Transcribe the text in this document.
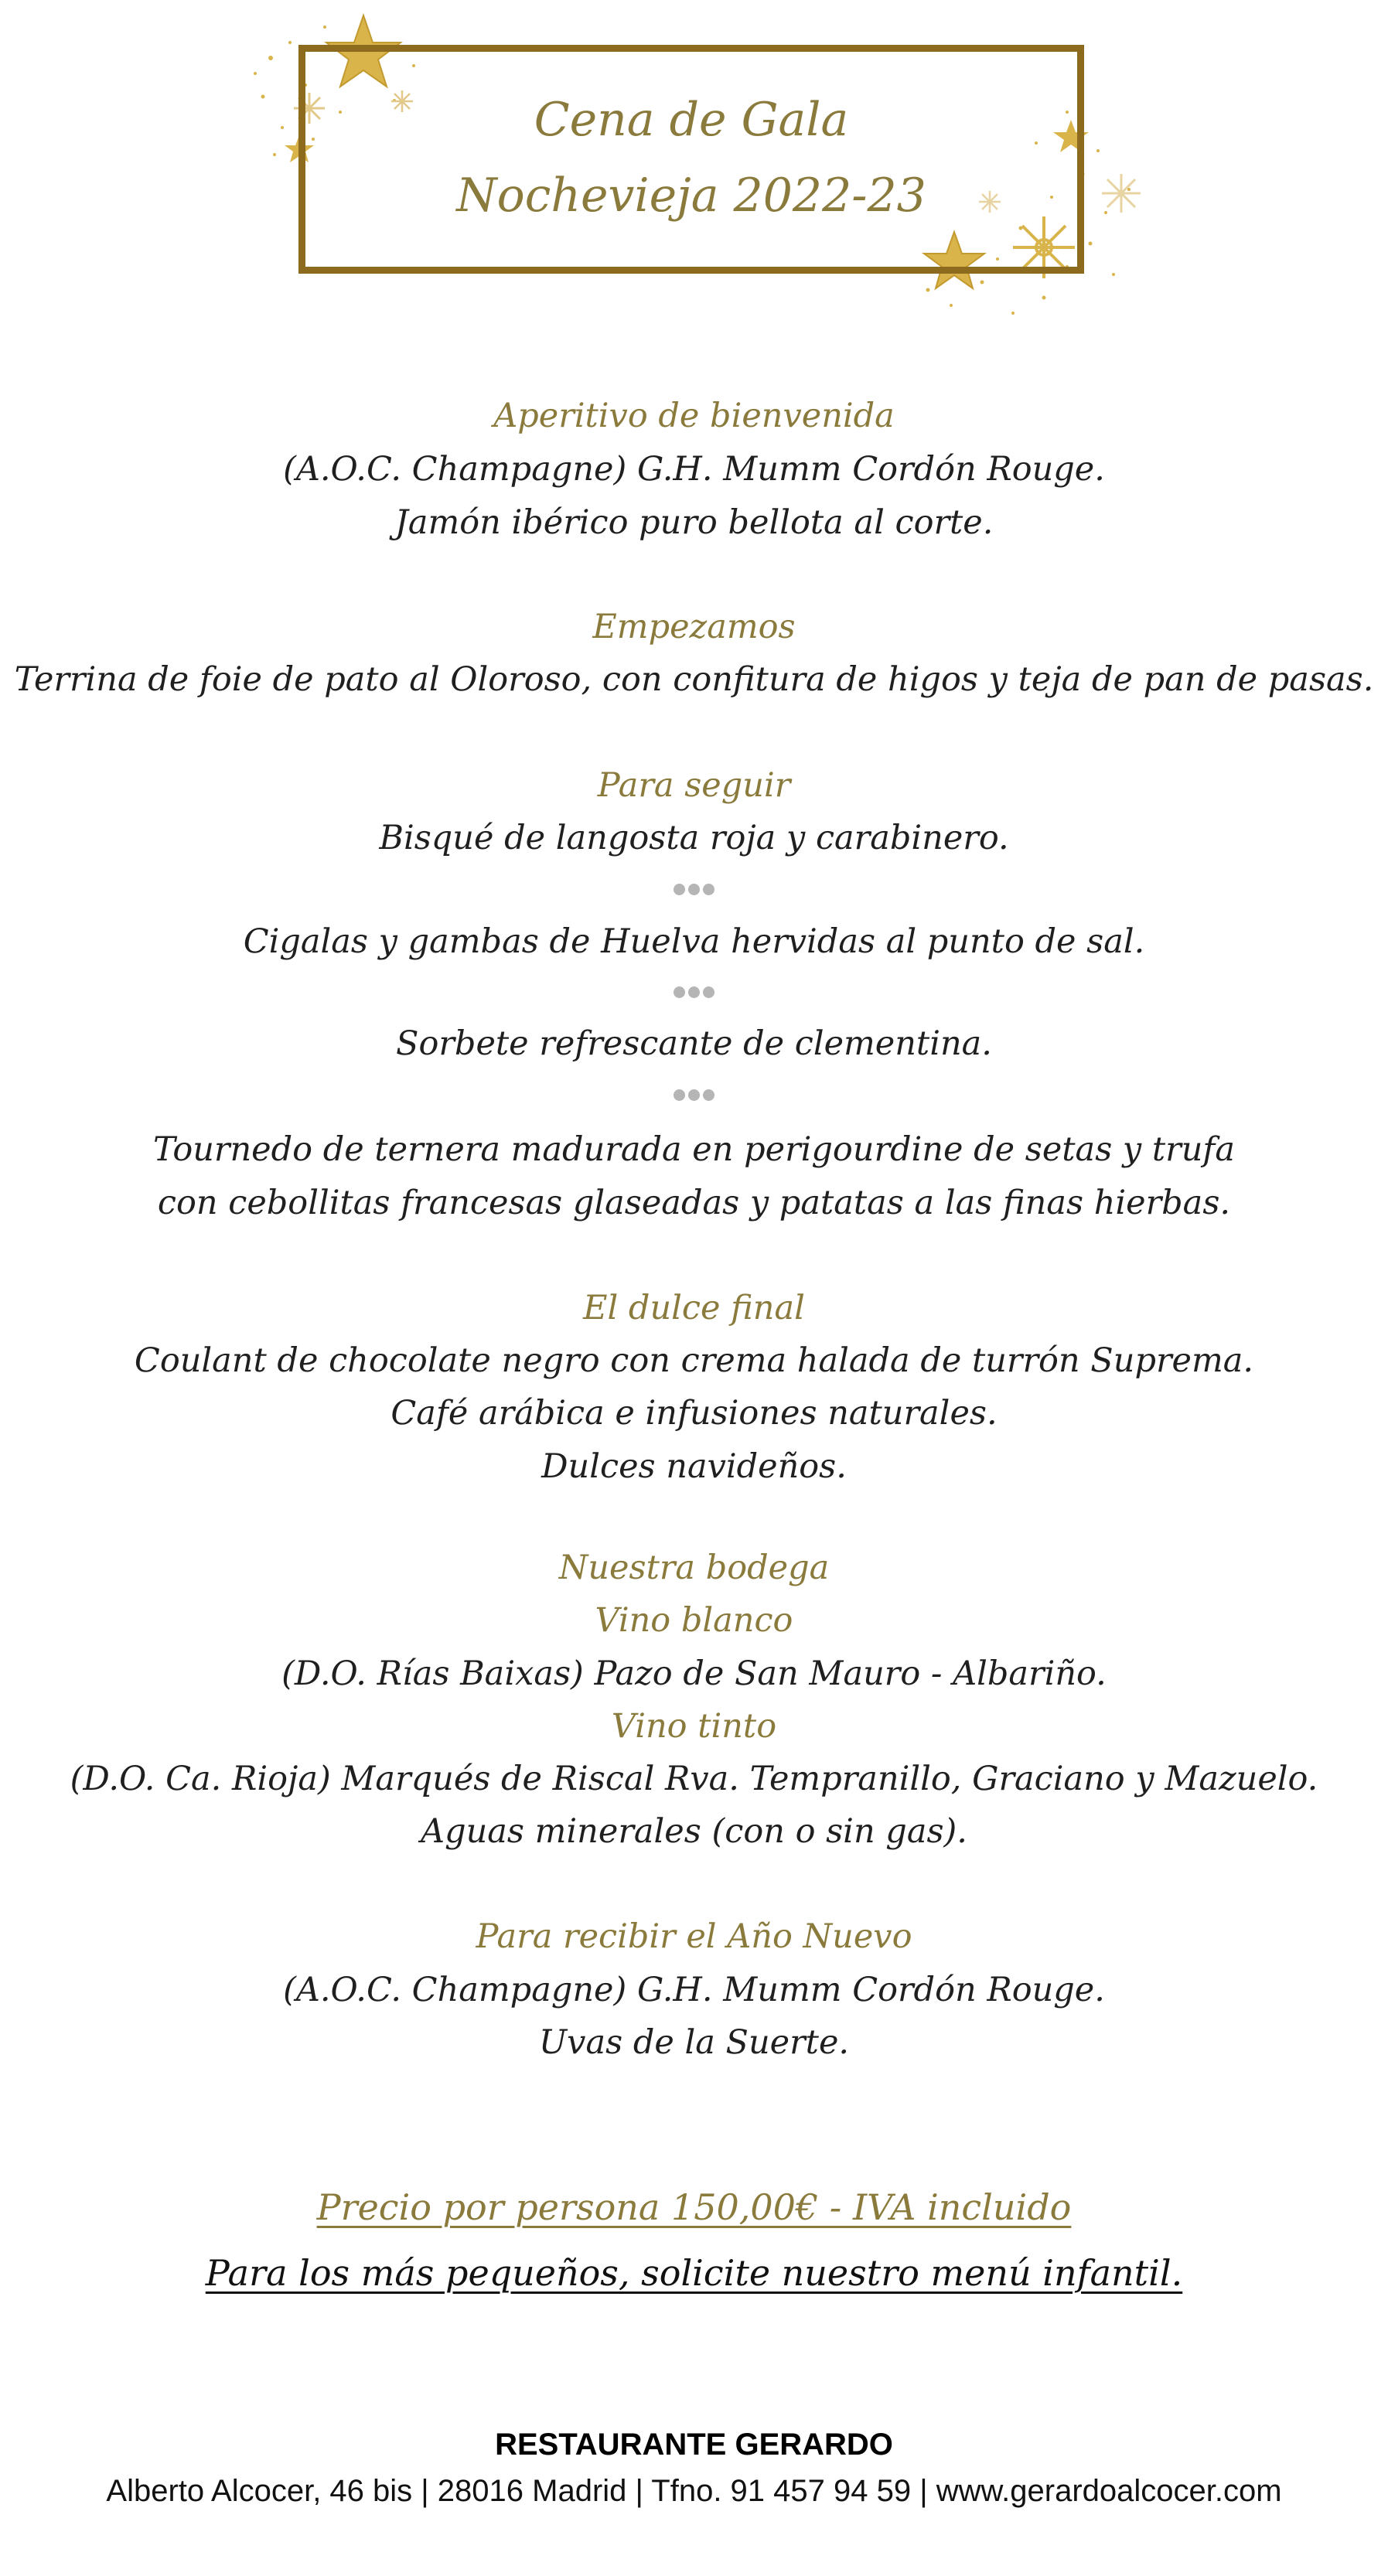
Cena de Gala
Nochevieja 2022-23
Aperitivo de bienvenida
(A.O.C. Champagne) G.H. Mumm Cordón Rouge.
Jamón ibérico puro bellota al corte.
Empezamos
Terrina de foie de pato al Oloroso, con confitura de higos y teja de pan de pasas.
Para seguir
Bisqué de langosta roja y carabinero.
Cigalas y gambas de Huelva hervidas al punto de sal.
Sorbete refrescante de clementina.
Tournedo de ternera madurada en perigourdine de setas y trufa
con cebollitas francesas glaseadas y patatas a las finas hierbas.
El dulce final
Coulant de chocolate negro con crema halada de turrón Suprema.
Café arábica e infusiones naturales.
Dulces navideños.
Nuestra bodega
Vino blanco
(D.O. Rías Baixas) Pazo de San Mauro - Albariño.
Vino tinto
(D.O. Ca. Rioja) Marqués de Riscal Rva. Tempranillo, Graciano y Mazuelo.
Aguas minerales (con o sin gas).
Para recibir el Año Nuevo
(A.O.C. Champagne) G.H. Mumm Cordón Rouge.
Uvas de la Suerte.
Precio por persona 150,00€ - IVA incluido
Para los más pequeños, solicite nuestro menú infantil.
RESTAURANTE GERARDO
Alberto Alcocer, 46 bis | 28016 Madrid | Tfno. 91 457 94 59 | www.gerardoalcocer.com
